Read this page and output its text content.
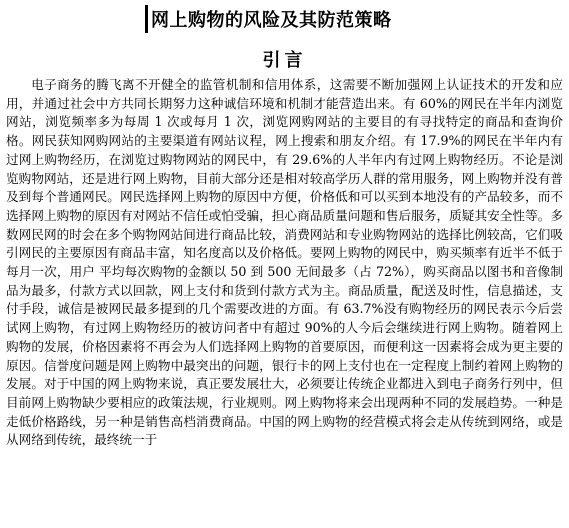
网上购物的风险及其防范策略
引言
电子商务的腾飞离不开健全的监管机制和信用体系，这需要不断加强网上认证技术的开发和应用，并通过社会中方共同长期努力这种诚信环境和机制才能营造出来。有 60%的网民在半年内浏览网站，浏览频率多为每周 1 次或每月 1 次，浏览网购网站的主要目的有寻找特定的商品和查询价格。网民获知网购网站的主要渠道有网站议程，网上搜索和朋友介绍。有 17.9%的网民在半年内有过网上购物经历，在浏览过购物网站的网民中，有 29.6%的人半年内有过网上购物经历。不论是浏览购物网站，还是进行网上购物，目前大部分还是相对较高学历人群的常用服务，网上购物并没有普及到每个普通网民。网民选择网上购物的原因中方便，价格低和可以买到本地没有的产品较多，而不选择网上购物的原因有对网站不信任或怕受骗，担心商品质量问题和售后服务，质疑其安全性等。多数网民网的时会在多个购物网站间进行商品比较，消费网站和专业购物网站的选择比例较高，它们吸引网民的主要原因有商品丰富，知名度高以及价格低。要网上购物的网民中，购买频率有近半不低于每月一次，用户 平均每次购物的金额以 50 到 500 无间最多（占 72%），购买商品以图书和音像制品为最多，付款方式以回款，网上支付和货到付款方式为主。商品质量，配送及时性，信息描述，支付手段，诚信是被网民最多提到的几个需要改进的方面。有 63.7%没有购物经历的网民表示今后尝试网上购物，有过网上购物经历的被访问者中有超过 90%的人今后会继续进行网上购物。随着网上购物的发展，价格因素将不再会为人们选择网上购物的首要原因，而便利这一因素将会成为更主要的原因。信誉度问题是网上购物中最突出的问题，银行卡的网上支付也在一定程度上制约着网上购物的发展。对于中国的网上购物来说，真正要发展壮大，必须要让传统企业都进入到电子商务行列中，但目前网上购物缺少要相应的政策法规，行业规则。网上购物将来会出现两种不同的发展趋势。一种是走低价格路线，另一种是销售高档消费商品。中国的网上购物的经营模式将会走从传统到网络，或是从网络到传统，最终统一于
